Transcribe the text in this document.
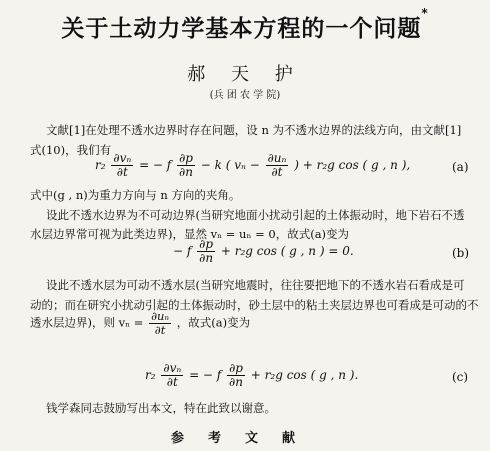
关于土动力学基本方程的一个问题*
郝 天 护
(兵 团 农 学 院)
文献[1]在处理不透水边界时存在问题，设 n 为不透水边界的法线方向，由文献[1]
式(10)，我们有
$r_2 \frac{\text{∂vₙ}}{\partial t}$ = − f $\frac{\partial p}{\partial n} - k$ ( $v_n - \frac{\text{∂uₙ}}{\partial t}$ ) + r₂g cos ( g , n ),	(a)
式中(g , n)为重力方向与 n 方向的夹角。
设此不透水边界为不可动边界(当研究地面小扰动引起的土体振动时，地下岩石不透
水层边界常可视为此类边界)，显然 vₙ = uₙ = 0，故式(a)变为
− f $\frac{\partial p}{\partial n} + r_2g$ cos ( g , n ) = 0.	(b)
设此不透水层为可动不透水层(当研究地震时，往往要把地下的不透水岩石看成是可
动的；而在研究小扰动引起的土体振动时，砂土层中的粘土夹层边界也可看成是可动的不
透水层边界)，则 $v_n = \frac{\text{∂uₙ}}{\partial t}$ ，故式(a)变为
$r_2 \frac{\text{∂vₙ}}{\partial t}$ = − f $\frac{\partial p}{\partial n} + r_2g$ cos ( g , n ).	(c)
钱学森同志鼓励写出本文，特在此致以谢意。
参考文献
